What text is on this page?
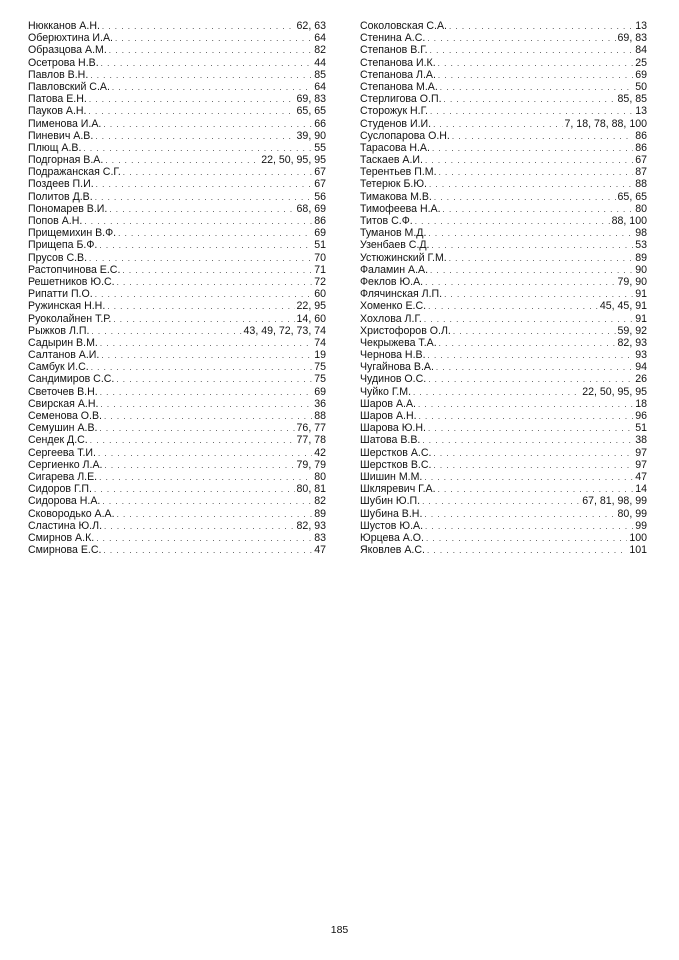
Нюкканов А.Н. . . .	62, 63
Оберюхтина И.А. . . .	64
Образцова А.М. . . .	82
Осетрова Н.В. . . .	44
Павлов В.Н. . . .	85
Павловский С.А. . . .	64
Патова Е.Н. . . .	69, 83
Пауков А.Н. . . .	65, 65
Пименова И.А. . . .	66
Пиневич А.В. . . .	39, 90
Плющ А.В. . . .	55
Подгорная В.А. . . .	22, 50, 95, 95
Подражанская С.Г. . . .	67
Поздеев П.И. . . .	67
Политов Д.В. . . .	56
Пономарев В.И. . . .	68, 69
Попов А.Н. . . .	86
Прищемихин В.Ф. . . .	69
Прищепа Б.Ф. . . .	51
Прусов С.В. . . .	70
Растопчинова Е.С. . . .	71
Решетников Ю.С. . . .	72
Рипатти П.О. . . .	60
Ружинская Н.Н. . . .	22, 95
Руоколайнен Т.Р. . . .	14, 60
Рыжков Л.П. . . .	43, 49, 72, 73, 74
Садырин В.М. . . .	74
Салтанов А.И. . . .	19
Самбук И.С. . . .	75
Сандимиров С.С. . . .	75
Светочев В.Н. . . .	69
Свирская А.Н. . . .	36
Семенова О.В. . . .	88
Семушин А.В. . . .	76, 77
Сендек Д.С. . . .	77, 78
Сергеева Т.И. . . .	42
Сергиенко Л.А. . . .	79, 79
Сигарева Л.Е. . . .	80
Сидоров Г.П. . . .	80, 81
Сидорова Н.А. . . .	82
Сковородько А.А. . . .	89
Сластина Ю.Л. . . .	82, 93
Смирнов А.К. . . .	83
Смирнова Е.С. . . .	47
Соколовская С.А. . . .	13
Стенина А.С. . . .	69, 83
Степанов В.Г. . . .	84
Степанова И.К. . . .	25
Степанова Л.А. . . .	69
Степанова М.А. . . .	50
Стерлигова О.П. . . .	85, 85
Сторожук Н.Г. . . .	13
Студенов И.И. . . .	7, 18, 78, 88, 100
Суслопарова О.Н. . . .	86
Тарасова Н.А. . . .	86
Таскаев А.И. . . .	67
Терентьев П.М. . . .	87
Тетерюк Б.Ю. . . .	88
Тимакова М.В. . . .	65, 65
Тимофеева Н.А. . . .	80
Титов С.Ф. . . .	88, 100
Туманов М.Д. . . .	98
Узенбаев С.Д. . . .	53
Устюжинский Г.М. . . .	89
Фаламин А.А. . . .	90
Феклов Ю.А. . . .	79, 90
Флячинская Л.П. . . .	91
Хоменко Е.С. . . .	45, 45, 91
Хохлова Л.Г. . . .	91
Христофоров О.Л. . . .	59, 92
Чекрыжева Т.А. . . .	82, 93
Чернова Н.В. . . .	93
Чугайнова В.А. . . .	94
Чудинов О.С. . . .	26
Чуйко Г.М. . . .	22, 50, 95, 95
Шаров А.А. . . .	18
Шаров А.Н. . . .	96
Шарова Ю.Н. . . .	51
Шатова В.В. . . .	38
Шерстков А.С. . . .	97
Шерстков В.С. . . .	97
Шишин М.М. . . .	47
Шкляревич Г.А. . . .	14
Шубин Ю.П. . . .	67, 81, 98, 99
Шубина В.Н. . . .	80, 99
Шустов Ю.А. . . .	99
Юрцева А.О. . . .	100
Яковлев А.С. . . .	101
185
